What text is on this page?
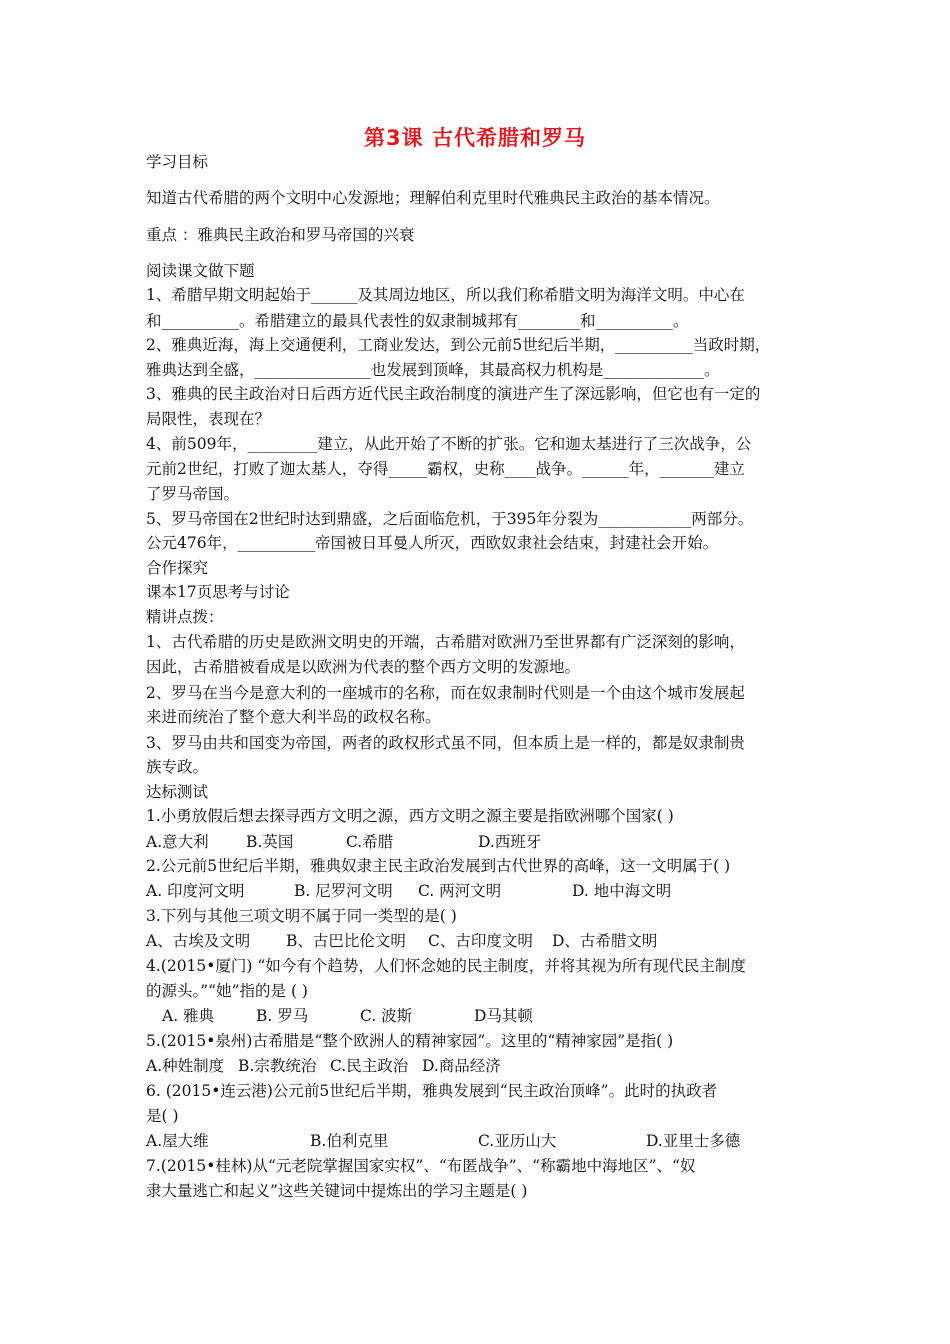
第3课 古代希腊和罗马
学习目标
知道古代希腊的两个文明中心发源地；理解伯利克里时代雅典民主政治的基本情况。
重点 ：雅典民主政治和罗马帝国的兴衰
阅读课文做下题
1、希腊早期文明起始于______及其周边地区，所以我们称希腊文明为海洋文明。中心在
和__________。希腊建立的最具代表性的奴隶制城邦有________和__________。
2、雅典近海，海上交通便利，工商业发达，到公元前5世纪后半期，__________当政时期，
雅典达到全盛，_______________也发展到顶峰，其最高权力机构是_____________。
3、雅典的民主政治对日后西方近代民主政治制度的演进产生了深远影响，但它也有一定的
局限性，表现在？
4、前509年，_________建立，从此开始了不断的扩张。它和迦太基进行了三次战争，公
元前2世纪，打败了迦太基人，夺得_____霸权，史称____战争。______年，_______建立
了罗马帝国。
5、罗马帝国在2世纪时达到鼎盛，之后面临危机，于395年分裂为____________两部分。
公元476年，__________帝国被日耳曼人所灭，西欧奴隶社会结束，封建社会开始。
合作探究
课本17页思考与讨论
精讲点拨：
1、古代希腊的历史是欧洲文明史的开端，古希腊对欧洲乃至世界都有广泛深刻的影响，
因此，古希腊被看成是以欧洲为代表的整个西方文明的发源地。
2、罗马在当今是意大利的一座城市的名称，而在奴隶制时代则是一个由这个城市发展起
来进而统治了整个意大利半岛的政权名称。
3、罗马由共和国变为帝国，两者的政权形式虽不同，但本质上是一样的，都是奴隶制贵
族专政。
达标测试
1.小勇放假后想去探寻西方文明之源，西方文明之源主要是指欧洲哪个国家( )
A.意大利 B.英国	C.希腊	D.西班牙
2.公元前5世纪后半期，雅典奴隶主民主政治发展到古代世界的高峰，这一文明属于( )
A. 印度河文明	B. 尼罗河文明 C. 两河文明	D. 地中海文明
3.下列与其他三项文明不属于同一类型的是( )
A、古埃及文明 B、古巴比伦文明 C、古印度文明 D、古希腊文明
4.(2015•厦门) “如今有个趋势，人们怀念她的民主制度，并将其视为所有现代民主制度
的源头。”“她”指的是 ( )
A. 雅典	B. 罗马	C. 波斯	D马其顿
5.(2015•泉州)古希腊是“整个欧洲人的精神家园”。这里的“精神家园”是指( )
A.种姓制度 B.宗教统治 C.民主政治 D.商品经济
6. (2015•连云港)公元前5世纪后半期，雅典发展到“民主政治顶峰”。此时的执政者
是( )
A.屋大维	B.伯利克里	C.亚历山大	D.亚里士多德
7.(2015•桂林)从“元老院掌握国家实权”、“布匿战争”、“称霸地中海地区”、“奴
隶大量逃亡和起义”这些关键词中提炼出的学习主题是( )
